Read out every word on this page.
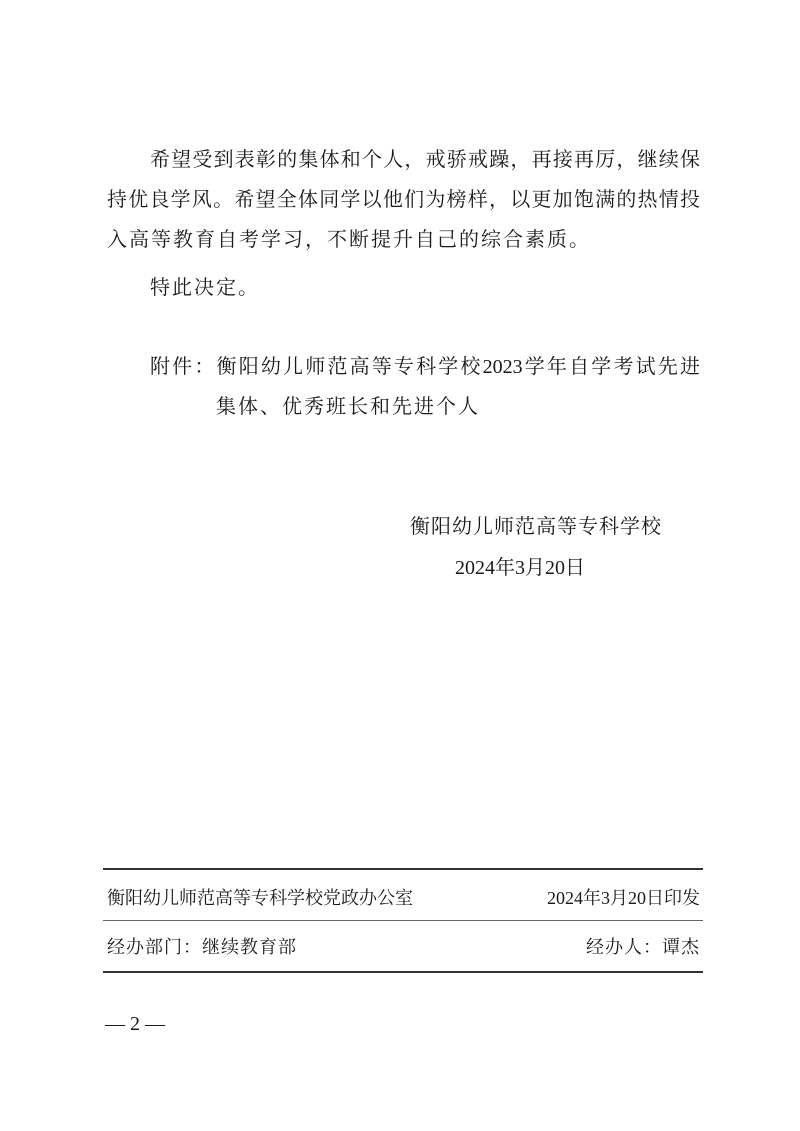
希望受到表彰的集体和个人，戒骄戒躁，再接再厉，继续保
持优良学风。希望全体同学以他们为榜样，以更加饱满的热情投
入高等教育自考学习，不断提升自己的综合素质。
特此决定。
附件：衡阳幼儿师范高等专科学校2023学年自学考试先进
集体、优秀班长和先进个人
衡阳幼儿师范高等专科学校
2024年3月20日
衡阳幼儿师范高等专科学校党政办公室	2024年3月20日印发
经办部门：继续教育部	经办人：谭杰
— 2 —
